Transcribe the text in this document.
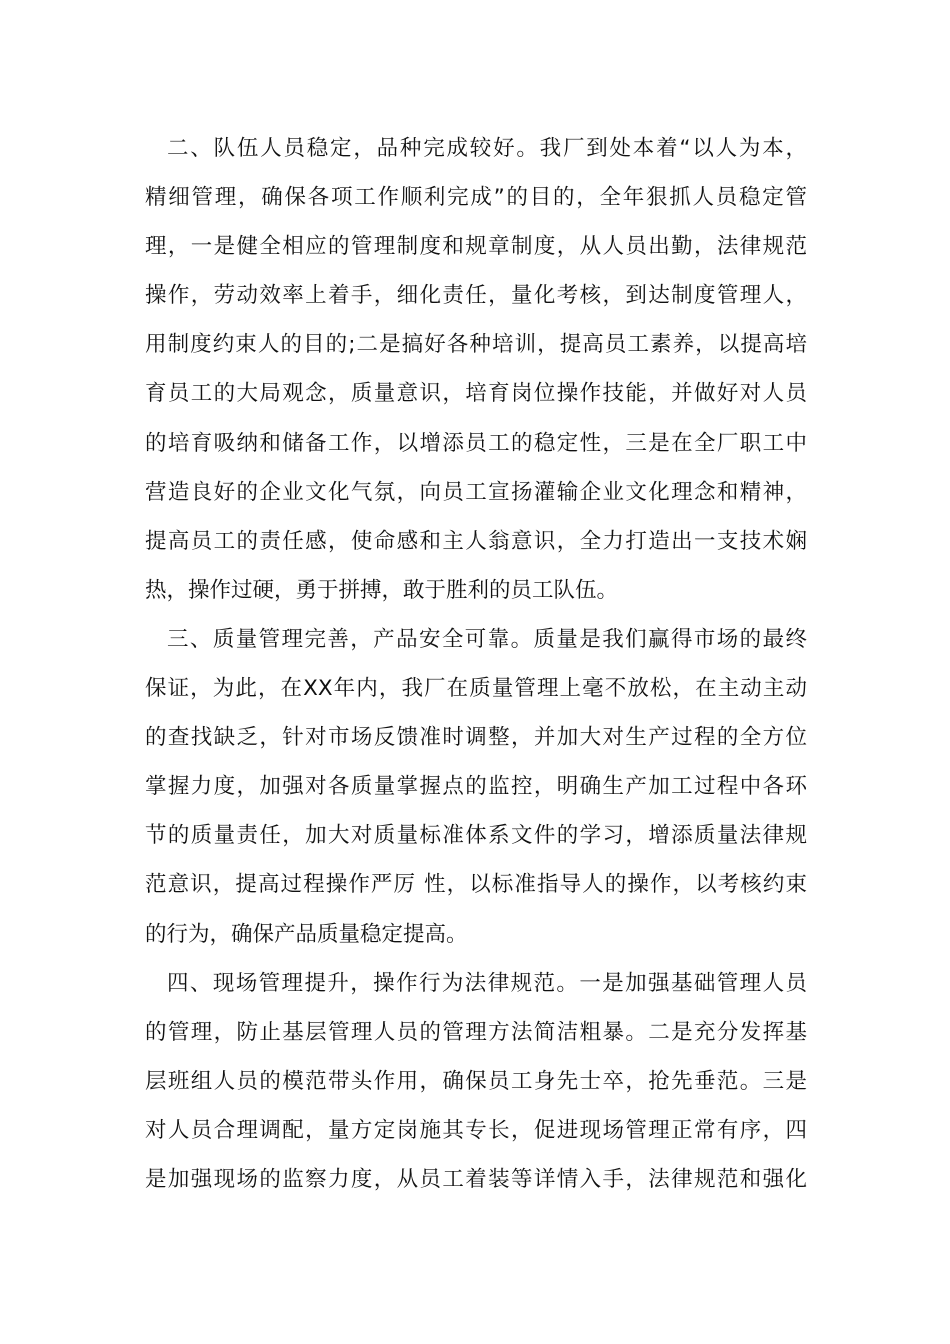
二、队伍人员稳定，品种完成较好。我厂到处本着“以人为本，
精细管理，确保各项工作顺利完成”的目的，全年狠抓人员稳定管
理，一是健全相应的管理制度和规章制度，从人员出勤，法律规范
操作，劳动效率上着手，细化责任，量化考核，到达制度管理人，
用制度约束人的目的;二是搞好各种培训，提高员工素养，以提高培
育员工的大局观念，质量意识，培育岗位操作技能，并做好对人员
的培育吸纳和储备工作，以增添员工的稳定性，三是在全厂职工中
营造良好的企业文化气氛，向员工宣扬灌输企业文化理念和精神，
提高员工的责任感，使命感和主人翁意识，全力打造出一支技术娴
热，操作过硬，勇于拼搏，敢于胜利的员工队伍。
三、质量管理完善，产品安全可靠。质量是我们赢得市场的最终
保证，为此，在XX年内，我厂在质量管理上毫不放松，在主动主动
的查找缺乏，针对市场反馈准时调整，并加大对生产过程的全方位
掌握力度，加强对各质量掌握点的监控，明确生产加工过程中各环
节的质量责任，加大对质量标准体系文件的学习，增添质量法律规
范意识，提高过程操作严厉 性，以标准指导人的操作，以考核约束
的行为，确保产品质量稳定提高。
四、现场管理提升，操作行为法律规范。一是加强基础管理人员
的管理，防止基层管理人员的管理方法简洁粗暴。二是充分发挥基
层班组人员的模范带头作用，确保员工身先士卒，抢先垂范。三是
对人员合理调配，量方定岗施其专长，促进现场管理正常有序，四
是加强现场的监察力度，从员工着装等详情入手，法律规范和强化
